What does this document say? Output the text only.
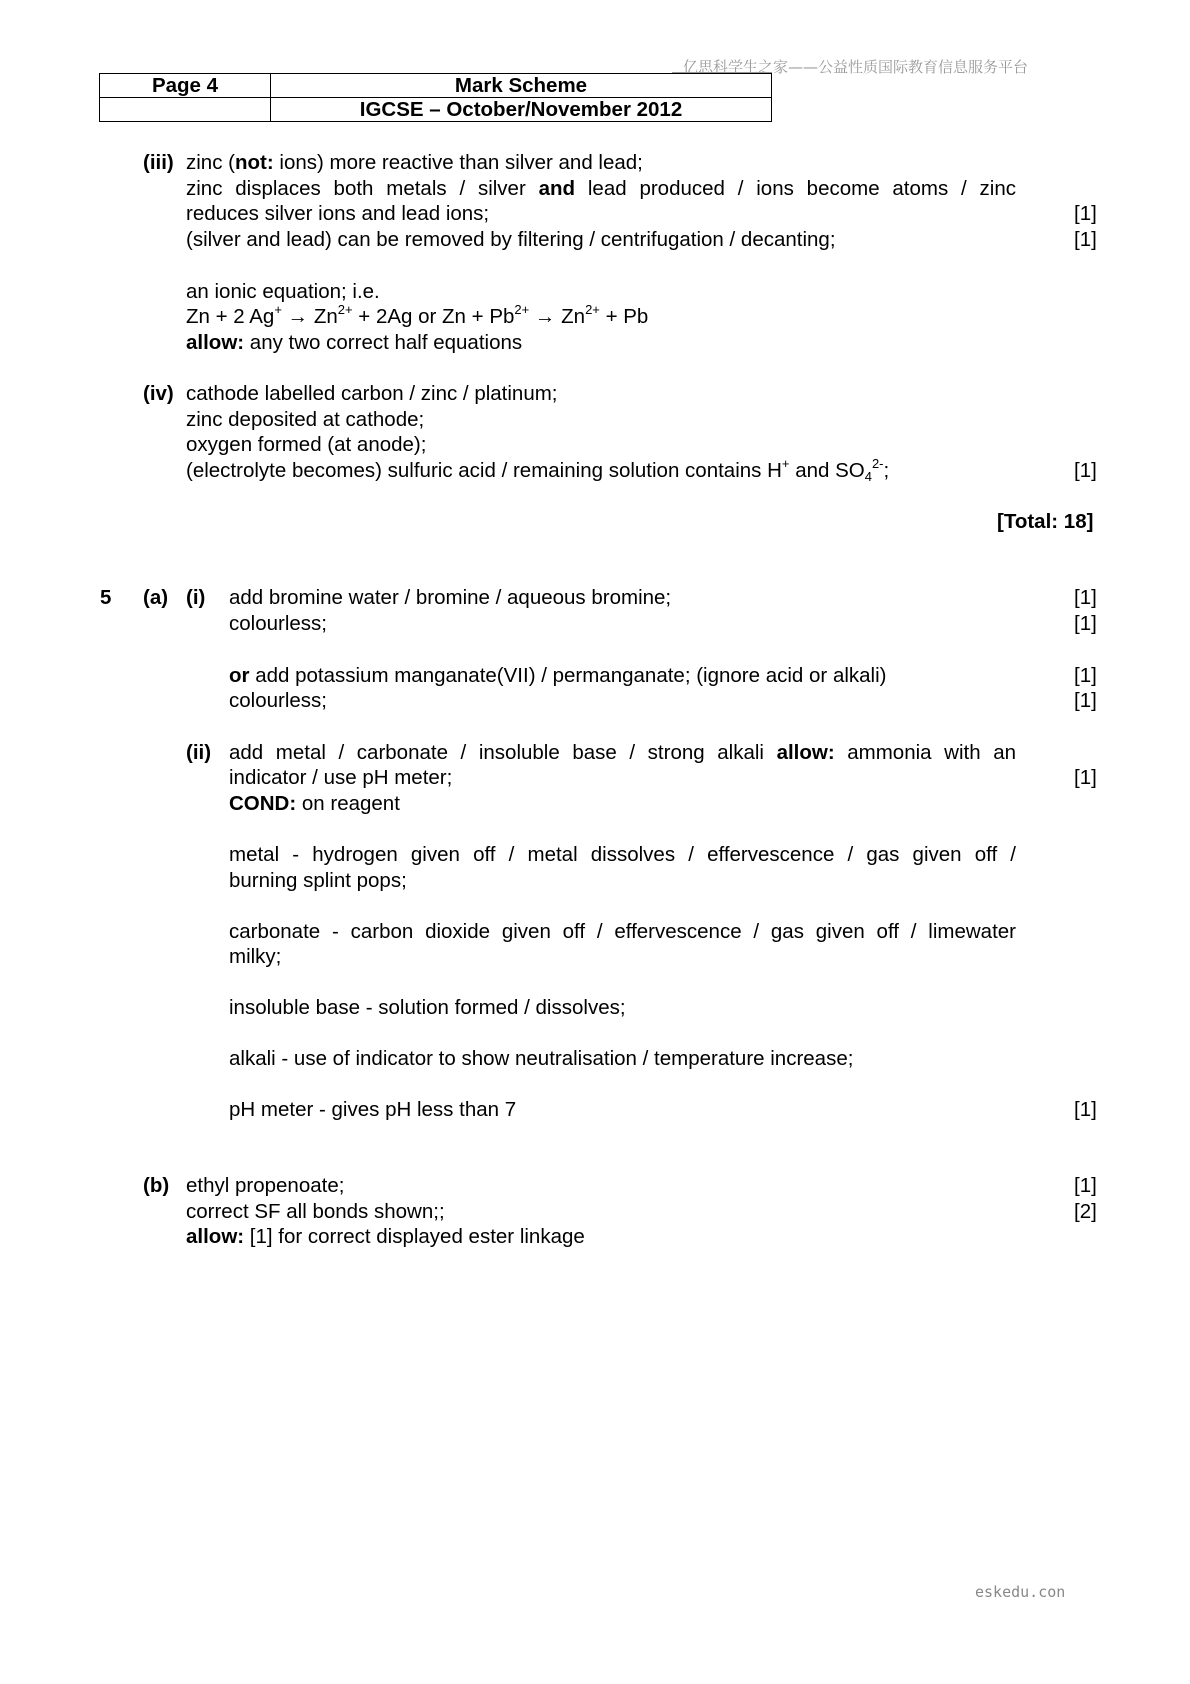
亿思科学生之家——公益性质国际教育信息服务平台
Page 4	Mark Scheme
	IGCSE – October/November 2012
(iii) zinc (not: ions) more reactive than silver and lead;
zinc displaces both metals / silver and lead produced / ions become atoms / zinc
reduces silver ions and lead ions;	[1]
(silver and lead) can be removed by filtering / centrifugation / decanting;	[1]
an ionic equation; i.e.
Zn + 2 $Ag^+ \to Zn^{2+} + 2Ag$ or $Zn + Pb^{2+} \to Zn^{2+} + Pb$
allow: any two correct half equations
(iv) cathode labelled carbon / zinc / platinum;
zinc deposited at cathode;
oxygen formed (at anode);
(electrolyte becomes) sulfuric acid / remaining solution contains H+ and $SO_4^{2-}$;	[1]
[Total: 18]
5 (a) (i) add bromine water / bromine / aqueous bromine;	[1]
colourless;	[1]
or add potassium manganate(VII) / permanganate; (ignore acid or alkali)	[1]
colourless;	[1]
(ii) add metal / carbonate / insoluble base / strong alkali allow: ammonia with an
indicator / use pH meter;	[1]
COND: on reagent
metal - hydrogen given off / metal dissolves / effervescence / gas given off /
burning splint pops;
carbonate - carbon dioxide given off / effervescence / gas given off / limewater
milky;
insoluble base - solution formed / dissolves;
alkali - use of indicator to show neutralisation / temperature increase;
pH meter - gives pH less than 7	[1]
(b) ethyl propenoate;	[1]
correct SF all bonds shown;;	[2]
allow: [1] for correct displayed ester linkage
eskedu.con
